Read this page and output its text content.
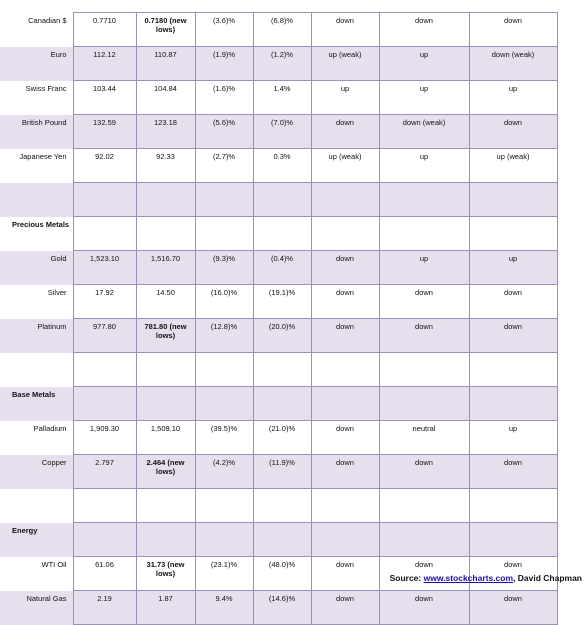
Canadian $	0.7710	0.7180 (new lows)	(3.6)%	(6.8)%	down	down	down
Euro	112.12	110.87	(1.9)%	(1.2)%	up (weak)	up	down (weak)
Swiss Franc	103.44	104.84	(1.6)%	1.4%	up	up	up
British Pound	132.59	123.18	(5.6)%	(7.0)%	down	down (weak)	down
Japanese Yen	92.02	92.33	(2.7)%	0.3%	up (weak)	up	up (weak)

Precious Metals							
Gold	1,523.10	1,516.70	(9.3)%	(0.4)%	down	up	up
Silver	17.92	14.50	(16.0)%	(19.1)%	down	down	down
Platinum	977.80	781.80 (new lows)	(12.8)%	(20.0)%	down	down	down

Base Metals							
Palladium	1,909.30	1,509.10	(39.5)%	(21.0)%	down	neutral	up
Copper	2.797	2.464 (new lows)	(4.2)%	(11.9)%	down	down	down

Energy							
WTI Oil	61.06	31.73 (new lows)	(23.1)%	(48.0)%	down	down	down
Natural Gas	2.19	1.87	9.4%	(14.6)%	down	down	down
Source: www.stockcharts.com, David Chapman
